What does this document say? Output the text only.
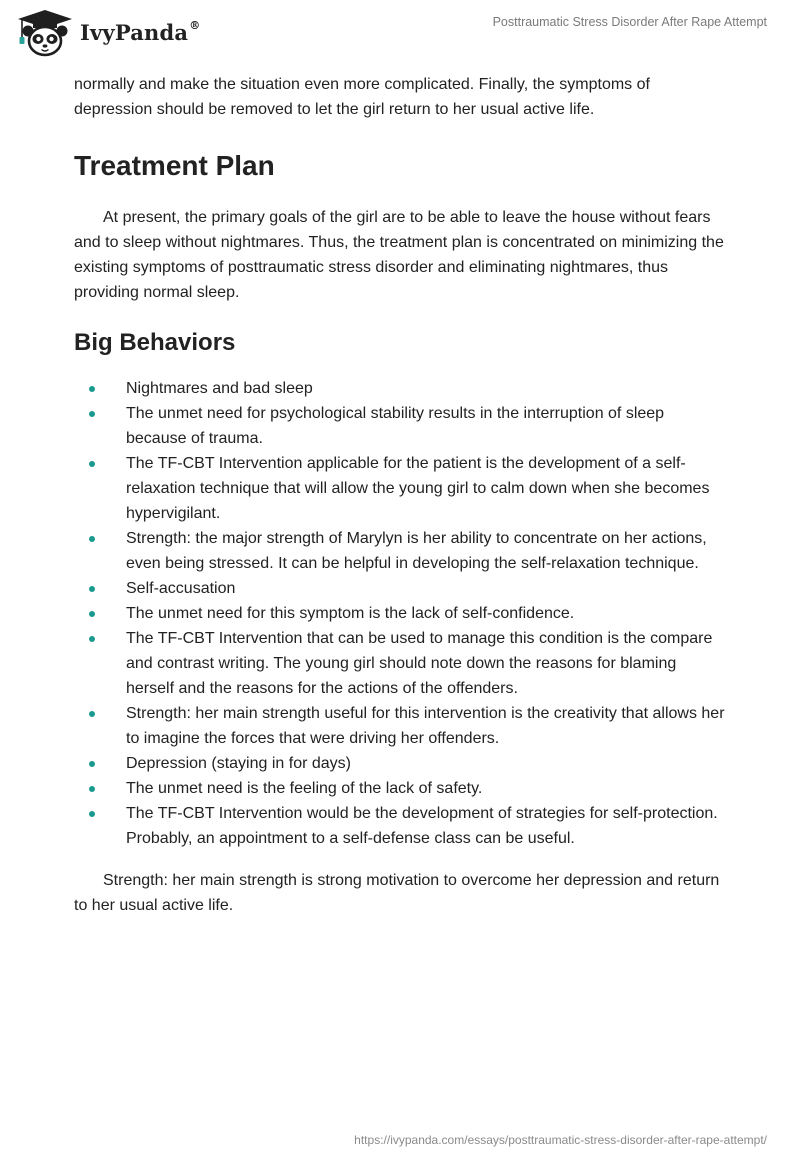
IvyPanda®	Posttraumatic Stress Disorder After Rape Attempt

normally and make the situation even more complicated. Finally, the symptoms of depression should be removed to let the girl return to her usual active life.

Treatment Plan

At present, the primary goals of the girl are to be able to leave the house without fears and to sleep without nightmares. Thus, the treatment plan is concentrated on minimizing the existing symptoms of posttraumatic stress disorder and eliminating nightmares, thus providing normal sleep.

Big Behaviors
Nightmares and bad sleep
The unmet need for psychological stability results in the interruption of sleep because of trauma.
The TF-CBT Intervention applicable for the patient is the development of a self-relaxation technique that will allow the young girl to calm down when she becomes hypervigilant.
Strength: the major strength of Marylyn is her ability to concentrate on her actions, even being stressed. It can be helpful in developing the self-relaxation technique.
Self-accusation
The unmet need for this symptom is the lack of self-confidence.
The TF-CBT Intervention that can be used to manage this condition is the compare and contrast writing. The young girl should note down the reasons for blaming herself and the reasons for the actions of the offenders.
Strength: her main strength useful for this intervention is the creativity that allows her to imagine the forces that were driving her offenders.
Depression (staying in for days)
The unmet need is the feeling of the lack of safety.
The TF-CBT Intervention would be the development of strategies for self-protection. Probably, an appointment to a self-defense class can be useful.

Strength: her main strength is strong motivation to overcome her depression and return to her usual active life.

https://ivypanda.com/essays/posttraumatic-stress-disorder-after-rape-attempt/
